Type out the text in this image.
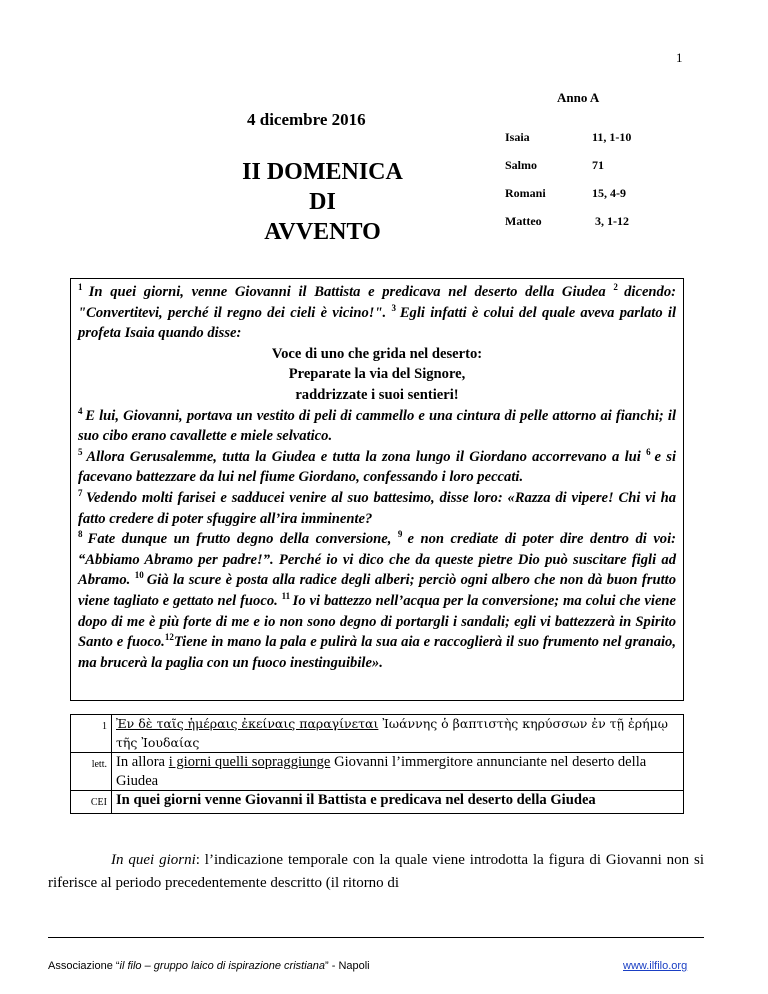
1
Anno A
4 dicembre 2016
II DOMENICA
DI
AVVENTO
Isaia	11, 1-10
Salmo	71
Romani	15, 4-9
Matteo	3, 1-12
$^1$ In quei giorni, venne Giovanni il Battista e predicava nel deserto della Giudea $^2$ dicendo: "Convertitevi, perché il regno dei cieli è vicino!". $^3$ Egli infatti è colui del quale aveva parlato il profeta Isaia quando disse:
Voce di uno che grida nel deserto:
Preparate la via del Signore,
raddrizzate i suoi sentieri!
$^4$ E lui, Giovanni, portava un vestito di peli di cammello e una cintura di pelle attorno ai fianchi; il suo cibo erano cavallette e miele selvatico.
$^5$ Allora Gerusalemme, tutta la Giudea e tutta la zona lungo il Giordano accorrevano a lui $^6$ e si facevano battezzare da lui nel fiume Giordano, confessando i loro peccati.
$^7$ Vedendo molti farisei e sadducei venire al suo battesimo, disse loro: «Razza di vipere! Chi vi ha fatto credere di poter sfuggire all’ira imminente?
$^8$ Fate dunque un frutto degno della conversione, $^9$ e non crediate di poter dire dentro di voi: “Abbiamo Abramo per padre!”. Perché io vi dico che da queste pietre Dio può suscitare figli ad Abramo. $^{10}$ Già la scure è posta alla radice degli alberi; perciò ogni albero che non dà buon frutto viene tagliato e gettato nel fuoco. $^{11}$ Io vi battezzo nell’acqua per la conversione; ma colui che viene dopo di me è più forte di me e io non sono degno di portargli i sandali; egli vi battezzerà in Spirito Santo e fuoco.$^{12}$Tiene in mano la pala e pulirà la sua aia e raccoglierà il suo frumento nel granaio, ma brucerà la paglia con un fuoco inestinguibile».
1	Ἐν δὲ ταῖς ἡμέραις ἐκείναις παραγίνεται Ἰωάννης ὁ βαπτιστὴς κηρύσσων ἐν τῇ ἐρήμῳ τῆς Ἰουδαίας
lett.	In allora i giorni quelli sopraggiunge Giovanni l’immergitore annunciante nel deserto della Giudea
CEI	In quei giorni venne Giovanni il Battista e predicava nel deserto della Giudea
In quei giorni: l’indicazione temporale con la quale viene introdotta la figura di Giovanni non si riferisce al periodo precedentemente descritto (il ritorno di
Associazione “il filo – gruppo laico di ispirazione cristiana” - Napoli	www.ilfilo.org
